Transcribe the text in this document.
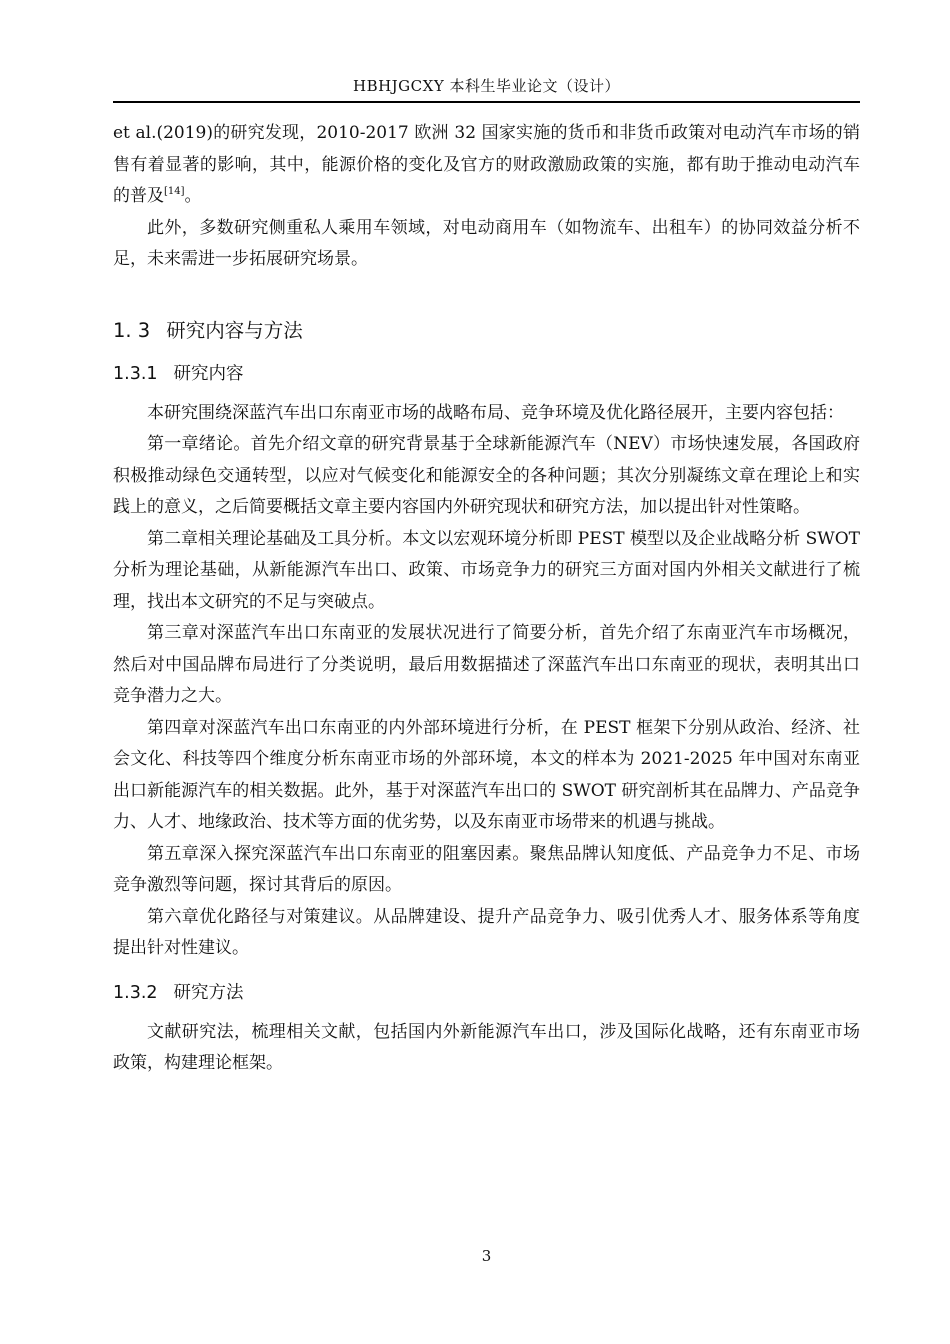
HBHJGCXY 本科生毕业论文（设计）

et al.(2019)的研究发现，2010-2017 欧洲 32 国家实施的货币和非货币政策对电动汽车市场的销售有着显著的影响，其中，能源价格的变化及官方的财政激励政策的实施，都有助于推动电动汽车的普及[14]。

此外，多数研究侧重私人乘用车领域，对电动商用车（如物流车、出租车）的协同效益分析不足，未来需进一步拓展研究场景。

1. 3 研究内容与方法
1.3.1 研究内容

本研究围绕深蓝汽车出口东南亚市场的战略布局、竞争环境及优化路径展开，主要内容包括：

第一章绪论。首先介绍文章的研究背景基于全球新能源汽车（NEV）市场快速发展，各国政府积极推动绿色交通转型，以应对气候变化和能源安全的各种问题；其次分别凝练文章在理论上和实践上的意义，之后简要概括文章主要内容国内外研究现状和研究方法，加以提出针对性策略。

第二章相关理论基础及工具分析。本文以宏观环境分析即 PEST 模型以及企业战略分析 SWOT 分析为理论基础，从新能源汽车出口、政策、市场竞争力的研究三方面对国内外相关文献进行了梳理，找出本文研究的不足与突破点。

第三章对深蓝汽车出口东南亚的发展状况进行了简要分析，首先介绍了东南亚汽车市场概况，然后对中国品牌布局进行了分类说明，最后用数据描述了深蓝汽车出口东南亚的现状，表明其出口竞争潜力之大。

第四章对深蓝汽车出口东南亚的内外部环境进行分析，在 PEST 框架下分别从政治、经济、社会文化、科技等四个维度分析东南亚市场的外部环境，本文的样本为 2021-2025 年中国对东南亚出口新能源汽车的相关数据。此外，基于对深蓝汽车出口的 SWOT 研究剖析其在品牌力、产品竞争力、人才、地缘政治、技术等方面的优劣势，以及东南亚市场带来的机遇与挑战。

第五章深入探究深蓝汽车出口东南亚的阻塞因素。聚焦品牌认知度低、产品竞争力不足、市场竞争激烈等问题，探讨其背后的原因。

第六章优化路径与对策建议。从品牌建设、提升产品竞争力、吸引优秀人才、服务体系等角度提出针对性建议。

1.3.2 研究方法

文献研究法，梳理相关文献，包括国内外新能源汽车出口，涉及国际化战略，还有东南亚市场政策，构建理论框架。

3
